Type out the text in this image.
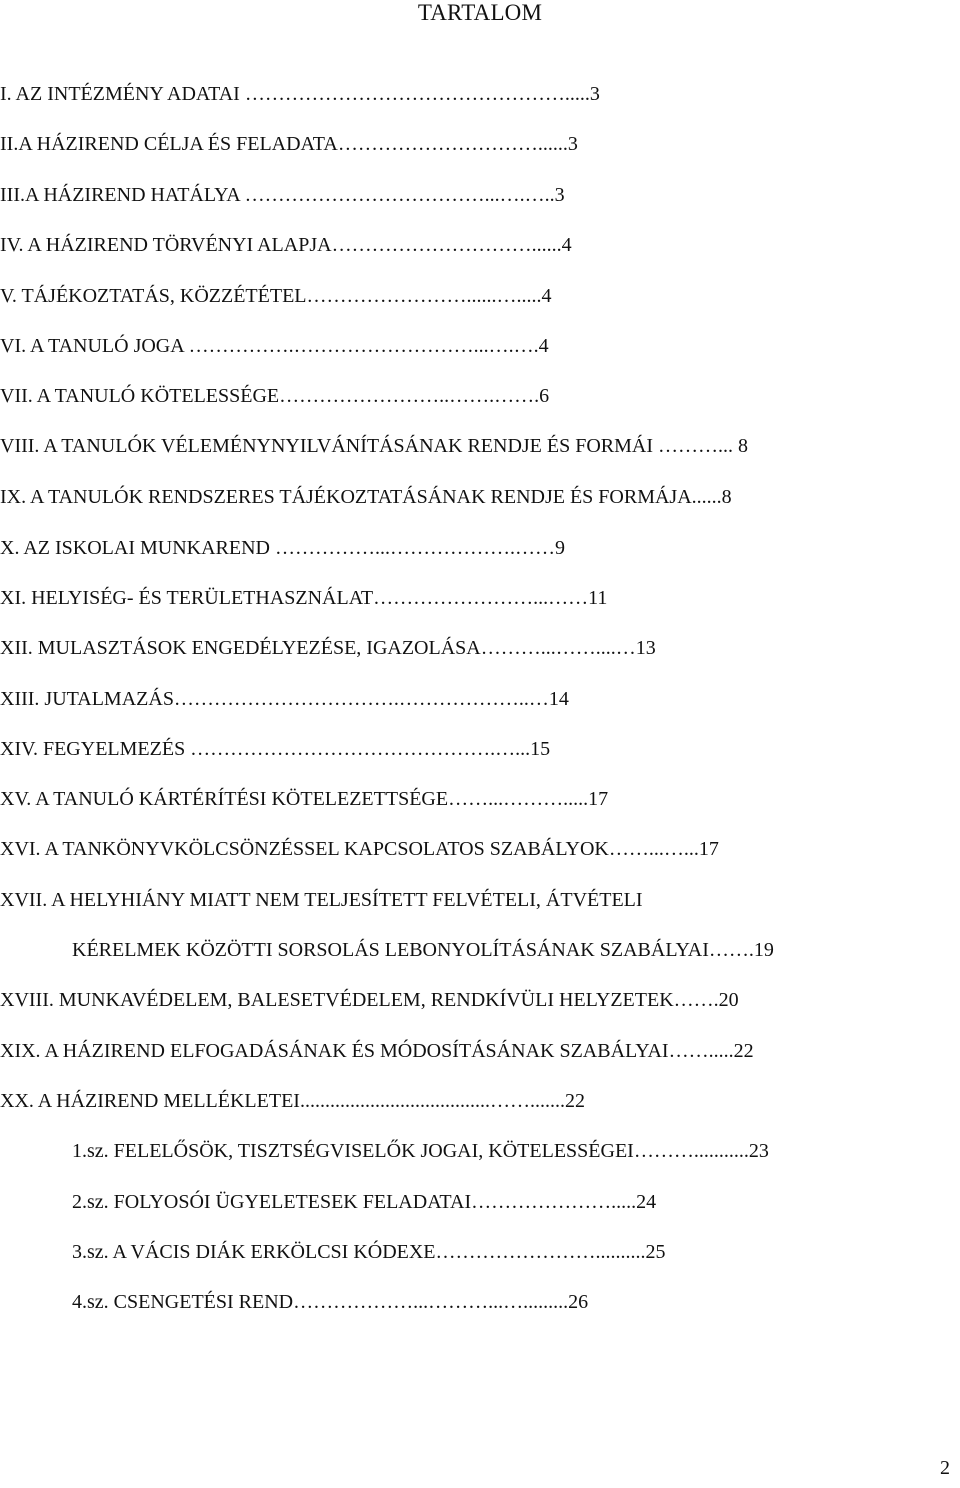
TARTALOM
I. AZ INTÉZMÉNY ADATAI ………………………………………….....3
II.A HÁZIREND CÉLJA ÉS FELADATA…………………………......3
III.A HÁZIREND HATÁLYA ………………………………...….…..3
IV. A HÁZIREND TÖRVÉNYI ALAPJA…………………………......4
V. TÁJÉKOZTATÁS, KÖZZÉTÉTEL……………………......….....4
VI. A TANULÓ JOGA …………….………………………...….….4
VII. A TANULÓ KÖTELESSÉGE……………………..…….…….6
VIII. A TANULÓK VÉLEMÉNYNYILVÁNÍTÁSÁNAK RENDJE ÉS FORMÁI ………... 8
IX. A TANULÓK RENDSZERES TÁJÉKOZTATÁSÁNAK RENDJE ÉS FORMÁJA......8
X. AZ ISKOLAI MUNKAREND ……………...……………….……9
XI. HELYISÉG- ÉS TERÜLETHASZNÁLAT……………………...……11
XII. MULASZTÁSOK ENGEDÉLYEZÉSE, IGAZOLÁSA………...……....…13
XIII. JUTALMAZÁS…………………………….………………..…14
XIV. FEGYELMEZÉS ……………………………………….…...15
XV. A TANULÓ KÁRTÉRÍTÉSI KÖTELEZETTSÉGE……...……….....17
XVI. A TANKÖNYVKÖLCSÖNZÉSSEL KAPCSOLATOS SZABÁLYOK……...…...17
XVII. A HELYHIÁNY MIATT NEM TELJESÍTETT FELVÉTELI, ÁTVÉTELI
KÉRELMEK KÖZÖTTI SORSOLÁS LEBONYOLÍTÁSÁNAK SZABÁLYAI…….19
XVIII. MUNKAVÉDELEM, BALESETVÉDELEM, RENDKÍVÜLI HELYZETEK…….20
XIX. A HÁZIREND ELFOGADÁSÁNAK ÉS MÓDOSÍTÁSÁNAK SZABÁLYAI…….....22
XX. A HÁZIREND MELLÉKLETEI......................................…….......22
1.sz. FELELŐSÖK, TISZTSÉGVISELŐK JOGAI, KÖTELESSÉGEI………...........23
2.sz. FOLYOSÓI ÜGYELETESEK FELADATAI………………….....24
3.sz. A VÁCIS DIÁK ERKÖLCSI KÓDEXE……………………..........25
4.sz. CSENGETÉSI REND………………...………...….........26
2
